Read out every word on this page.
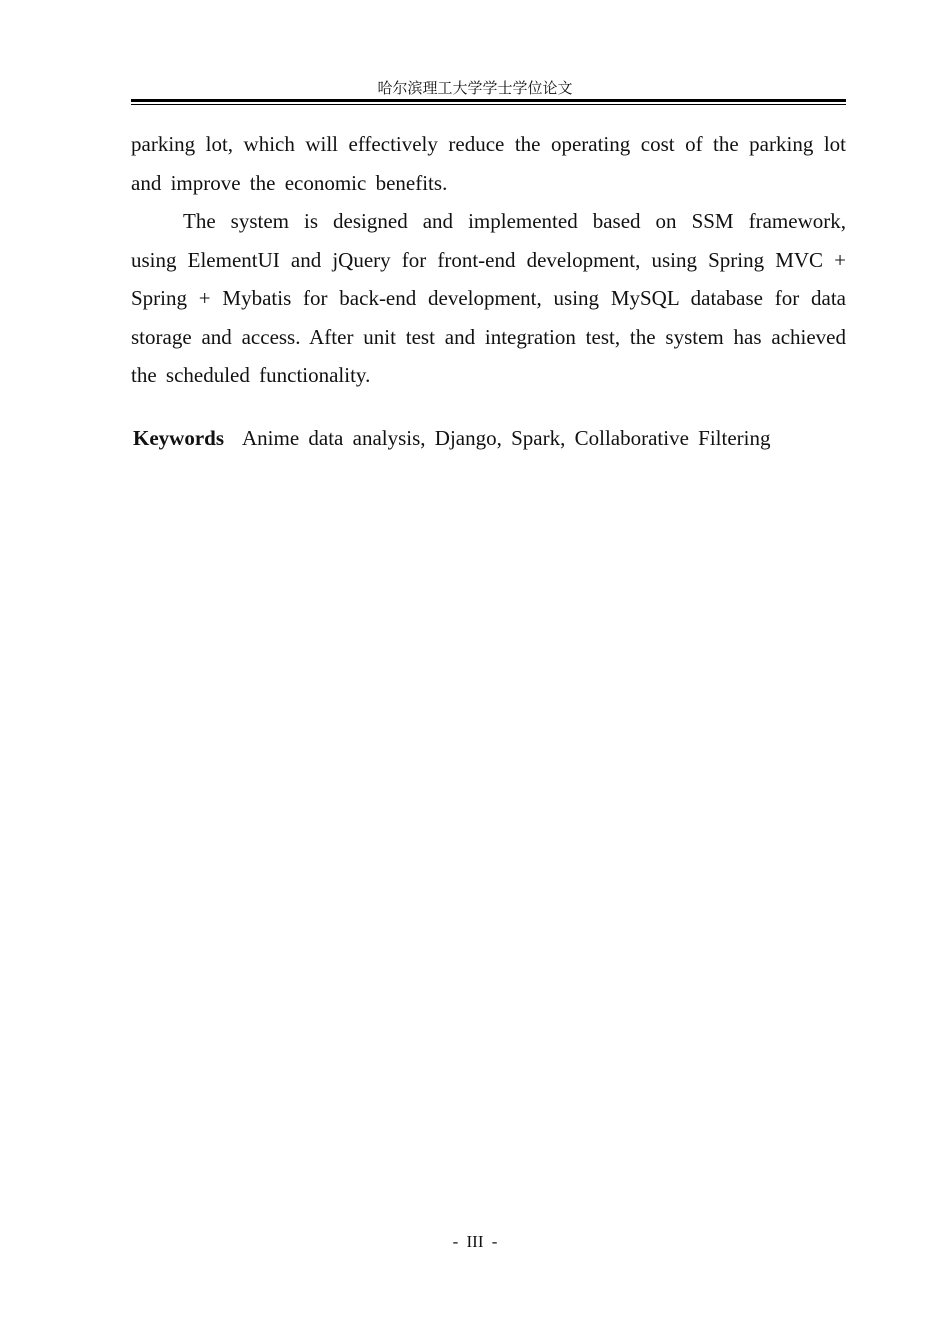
哈尔滨理工大学学士学位论文

parking lot, which will effectively reduce the operating cost of the parking lot and improve the economic benefits.

The system is designed and implemented based on SSM framework, using ElementUI and jQuery for front-end development, using Spring MVC + Spring + Mybatis for back-end development, using MySQL database for data storage and access. After unit test and integration test, the system has achieved the scheduled functionality.

Keywords Anime data analysis, Django, Spark, Collaborative Filtering
- III -
